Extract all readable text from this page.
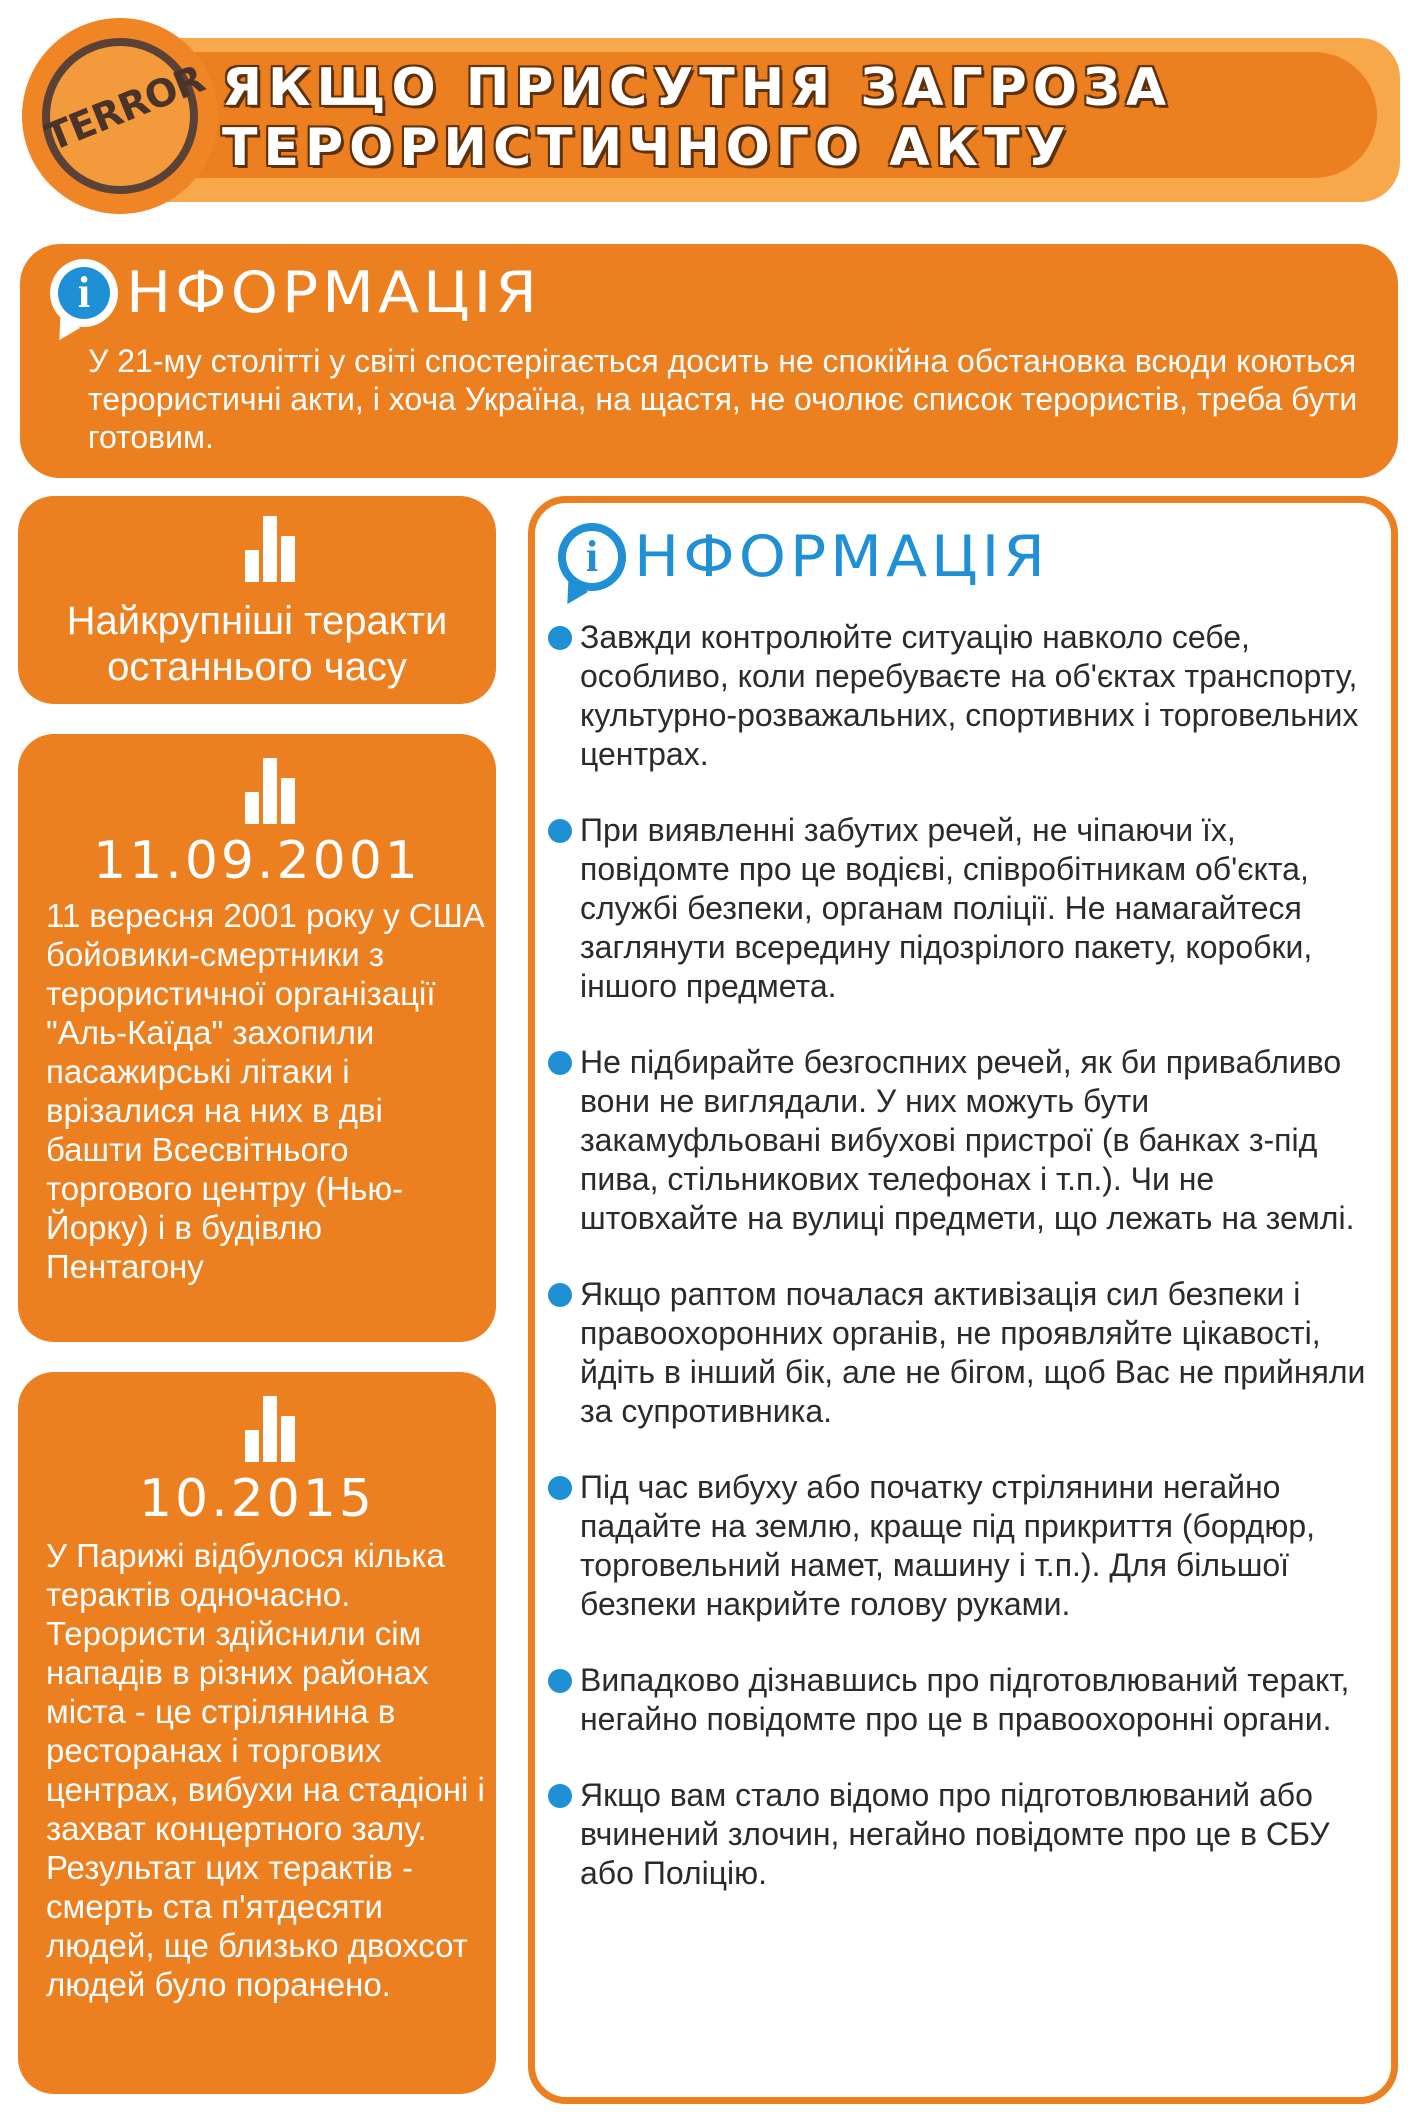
ЯКЩО ПРИСУТНЯ ЗАГРОЗА
ТЕРОРИСТИЧНОГО АКТУ
TERROR
i НФОРМАЦІЯ
У 21-му столітті у світі спостерігається досить не спокійна обстановка всюди коються терористичні акти, і хоча Україна, на щастя, не очолює список терористів, треба бути готовим.
Найкрупніші теракти останнього часу
11.09.2001
11 вересня 2001 року у США бойовики-смертники з терористичної організації "Аль-Каїда" захопили пасажирські літаки і врізалися на них в дві башти Всесвітнього торгового центру (Нью-Йорку) і в будівлю Пентагону
10.2015
У Парижі відбулося кілька терактів одночасно. Терористи здійснили сім нападів в різних районах міста - це стрілянина в ресторанах і торгових центрах, вибухи на стадіоні і захват концертного залу. Результат цих терактів - смерть ста п'ятдесяти людей, ще близько двохсот людей було поранено.
i НФОРМАЦІЯ
Завжди контролюйте ситуацію навколо себе, особливо, коли перебуваєте на об'єктах транспорту, культурно-розважальних, спортивних і торговельних центрах.
При виявленні забутих речей, не чіпаючи їх, повідомте про це водієві, співробітникам об'єкта, службі безпеки, органам поліції. Не намагайтеся заглянути всередину підозрілого пакету, коробки, іншого предмета.
Не підбирайте безгоспних речей, як би привабливо вони не виглядали. У них можуть бути закамуфльовані вибухові пристрої (в банках з-під пива, стільникових телефонах і т.п.). Чи не штовхайте на вулиці предмети, що лежать на землі.
Якщо раптом почалася активізація сил безпеки і правоохоронних органів, не проявляйте цікавості, йдіть в інший бік, але не бігом, щоб Вас не прийняли за супротивника.
Під час вибуху або початку стрілянини негайно падайте на землю, краще під прикриття (бордюр, торговельний намет, машину і т.п.). Для більшої безпеки накрийте голову руками.
Випадково дізнавшись про підготовлюваний теракт, негайно повідомте про це в правоохоронні органи.
Якщо вам стало відомо про підготовлюваний або вчинений злочин, негайно повідомте про це в СБУ або Поліцію.
